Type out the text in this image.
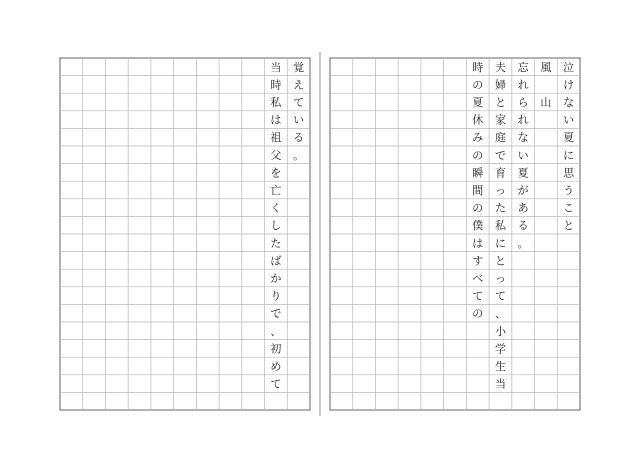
泣
け
な
い
夏
に
思
う
こ
と
風
山
忘
れ
ら
れ
な
い
夏
が
あ
る
。
夫
婦
と
家
庭
で
育
っ
た
私
に
と
っ
て
、
小
学
生
当
時
の
夏
休
み
の
瞬
間
の
僕
は
す
べ
て
の
覚
え
て
い
る
。
当
時
私
は
祖
父
を
亡
く
し
た
ば
か
り
で
、
初
め
て
